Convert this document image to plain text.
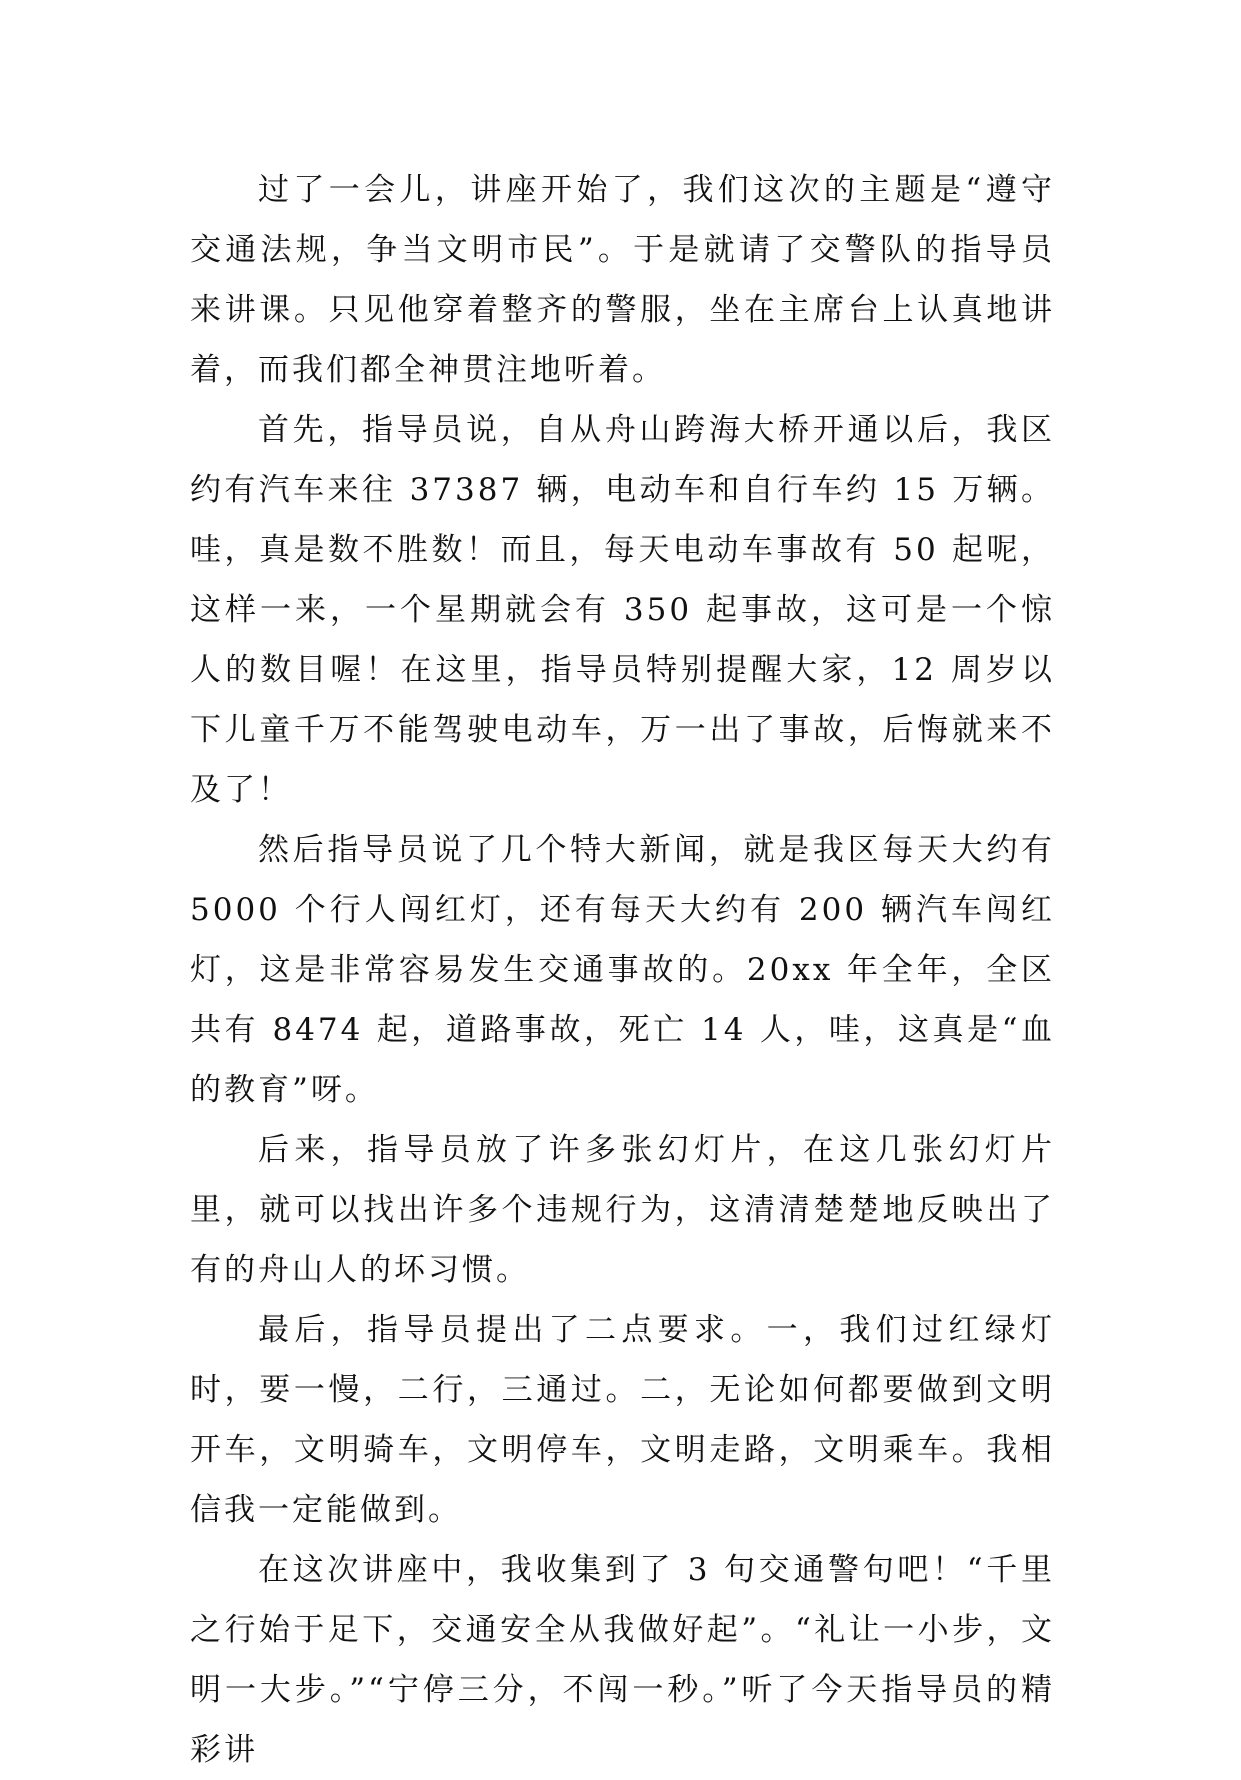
过了一会儿，讲座开始了，我们这次的主题是“遵守交通法规，争当文明市民”。于是就请了交警队的指导员来讲课。只见他穿着整齐的警服，坐在主席台上认真地讲着，而我们都全神贯注地听着。

首先，指导员说，自从舟山跨海大桥开通以后，我区约有汽车来往 37387 辆，电动车和自行车约 15 万辆。哇，真是数不胜数！而且，每天电动车事故有 50 起呢，这样一来，一个星期就会有 350 起事故，这可是一个惊人的数目喔！在这里，指导员特别提醒大家，12 周岁以下儿童千万不能驾驶电动车，万一出了事故，后悔就来不及了！

然后指导员说了几个特大新闻，就是我区每天大约有 5000 个行人闯红灯，还有每天大约有 200 辆汽车闯红灯，这是非常容易发生交通事故的。20xx 年全年，全区共有 8474 起，道路事故，死亡 14 人，哇，这真是“血的教育”呀。

后来，指导员放了许多张幻灯片，在这几张幻灯片里，就可以找出许多个违规行为，这清清楚楚地反映出了有的舟山人的坏习惯。

最后，指导员提出了二点要求。一，我们过红绿灯时，要一慢，二行，三通过。二，无论如何都要做到文明开车，文明骑车，文明停车，文明走路，文明乘车。我相信我一定能做到。

在这次讲座中，我收集到了 3 句交通警句吧！“千里之行始于足下，交通安全从我做好起”。“礼让一小步，文明一大步。”“宁停三分，不闯一秒。”听了今天指导员的精彩讲
